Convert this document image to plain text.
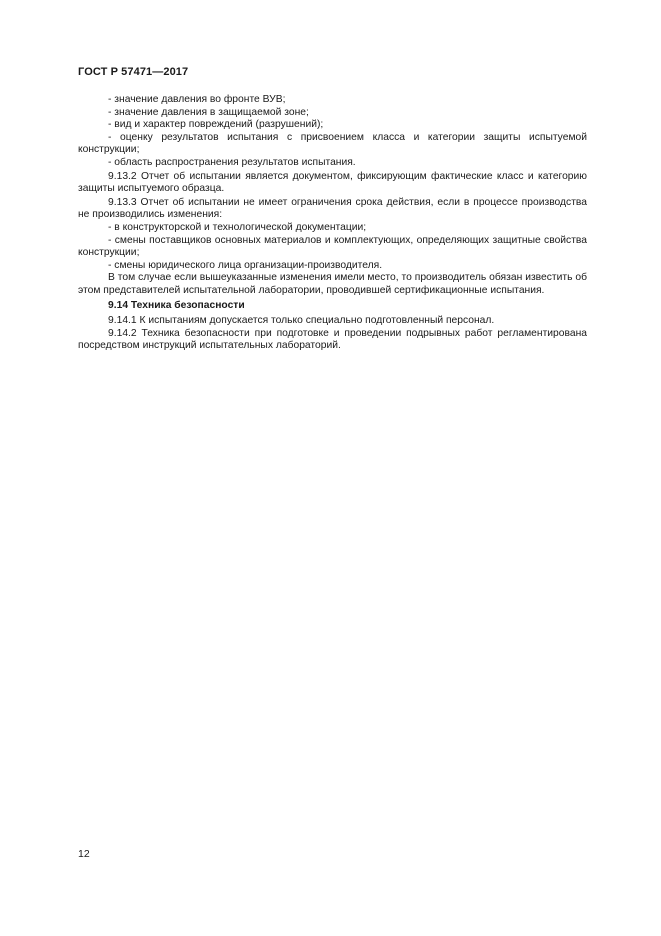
ГОСТ Р 57471—2017

- значение давления во фронте ВУВ;

- значение давления в защищаемой зоне;

- вид и характер повреждений (разрушений);

- оценку результатов испытания с присвоением класса и категории защиты испытуемой конструкции;

- область распространения результатов испытания.

9.13.2 Отчет об испытании является документом, фиксирующим фактические класс и категорию защиты испытуемого образца.

9.13.3 Отчет об испытании не имеет ограничения срока действия, если в процессе производства не производились изменения:

- в конструкторской и технологической документации;

- смены поставщиков основных материалов и комплектующих, определяющих защитные свойства конструкции;

- смены юридического лица организации-производителя.

В том случае если вышеуказанные изменения имели место, то производитель обязан известить об этом представителей испытательной лаборатории, проводившей сертификационные испытания.

9.14 Техника безопасности

9.14.1 К испытаниям допускается только специально подготовленный персонал.

9.14.2 Техника безопасности при подготовке и проведении подрывных работ регламентирована посредством инструкций испытательных лабораторий.

12
